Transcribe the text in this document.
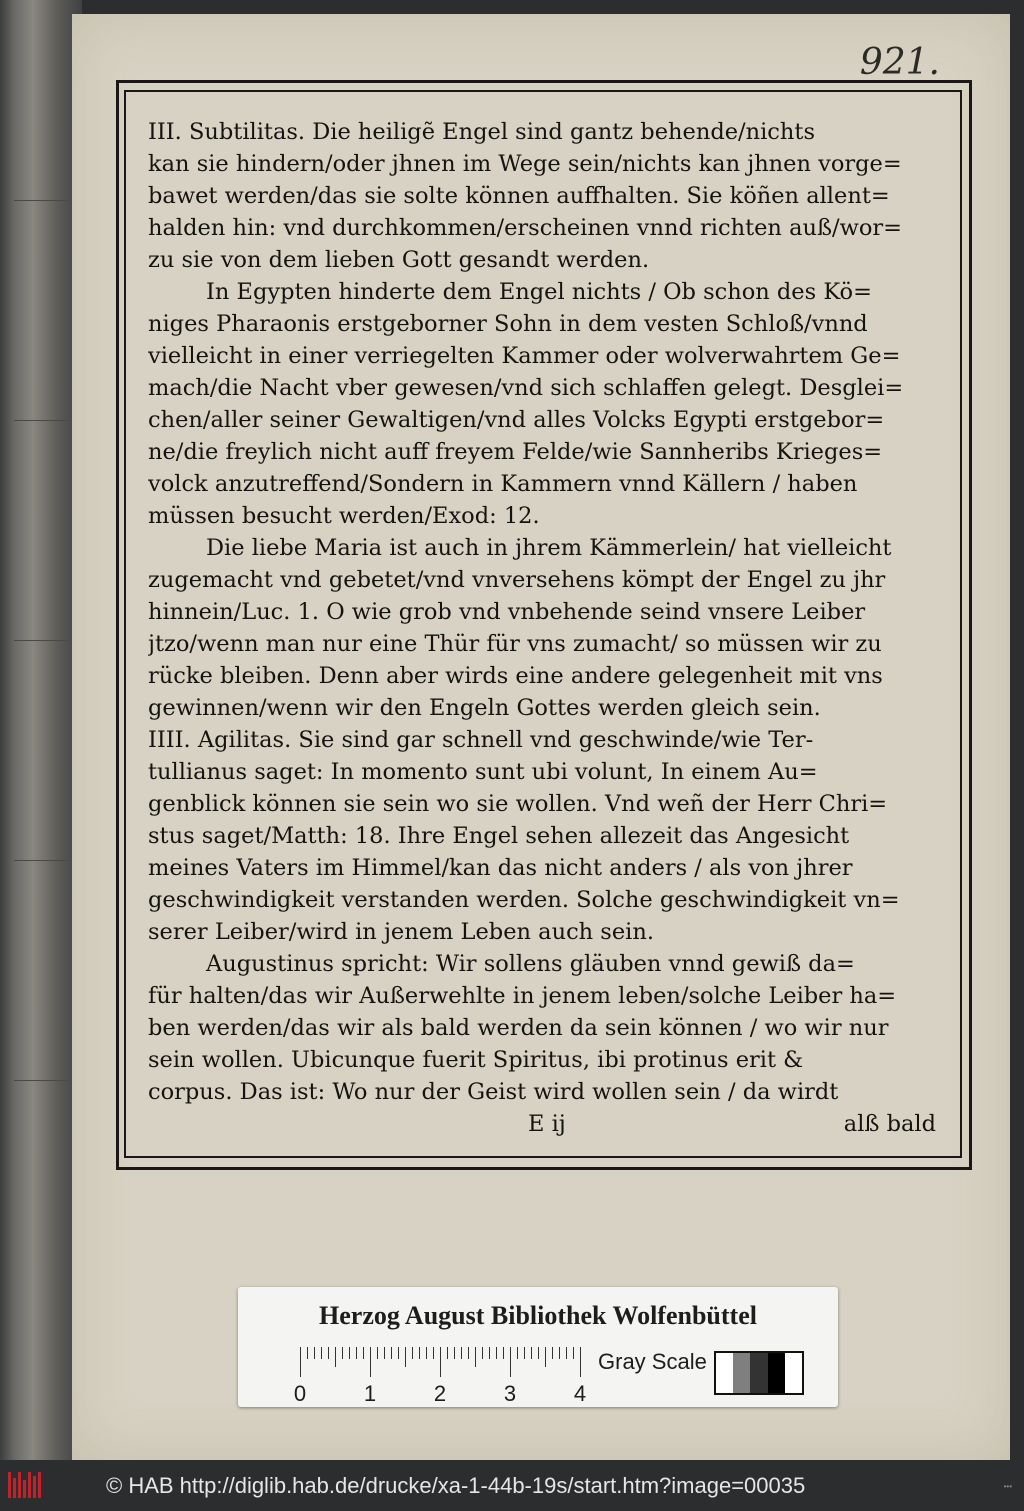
921.
III. Subtilitas. Die heiligẽ Engel sind gantz behende/nichts
kan sie hindern/oder jhnen im Wege sein/nichts kan jhnen vorge=
bawet werden/das sie solte können auffhalten. Sie köñen allent=
halden hin: vnd durchkommen/erscheinen vnnd richten auß/wor=
zu sie von dem lieben Gott gesandt werden.
In Egypten hinderte dem Engel nichts / Ob schon des Kö=
niges Pharaonis erstgeborner Sohn in dem vesten Schloß/vnnd
vielleicht in einer verriegelten Kammer oder wolverwahrtem Ge=
mach/die Nacht vber gewesen/vnd sich schlaffen gelegt. Desglei=
chen/aller seiner Gewaltigen/vnd alles Volcks Egypti erstgebor=
ne/die freylich nicht auff freyem Felde/wie Sannheribs Krieges=
volck anzutreffend/Sondern in Kammern vnnd Källern / haben
müssen besucht werden/Exod: 12.
Die liebe Maria ist auch in jhrem Kämmerlein/ hat vielleicht
zugemacht vnd gebetet/vnd vnversehens kömpt der Engel zu jhr
hinnein/Luc. 1. O wie grob vnd vnbehende seind vnsere Leiber
jtzo/wenn man nur eine Thür für vns zumacht/ so müssen wir zu
rücke bleiben. Denn aber wirds eine andere gelegenheit mit vns
gewinnen/wenn wir den Engeln Gottes werden gleich sein.
IIII. Agilitas. Sie sind gar schnell vnd geschwinde/wie Ter-
tullianus saget: In momento sunt ubi volunt, In einem Au=
genblick können sie sein wo sie wollen. Vnd weñ der Herr Chri=
stus saget/Matth: 18. Ihre Engel sehen allezeit das Angesicht
meines Vaters im Himmel/kan das nicht anders / als von jhrer
geschwindigkeit verstanden werden. Solche geschwindigkeit vn=
serer Leiber/wird in jenem Leben auch sein.
Augustinus spricht: Wir sollens gläuben vnnd gewiß da=
für halten/das wir Außerwehlte in jenem leben/solche Leiber ha=
ben werden/das wir als bald werden da sein können / wo wir nur
sein wollen. Ubicunque fuerit Spiritus, ibi protinus erit &
corpus. Das ist: Wo nur der Geist wird wollen sein / da wirdt
E ij	alß bald
Herzog August Bibliothek Wolfenbüttel
0	1	2	3	4
Gray Scale
© HAB http://diglib.hab.de/drucke/xa-1-44b-19s/start.htm?image=00035	•••
